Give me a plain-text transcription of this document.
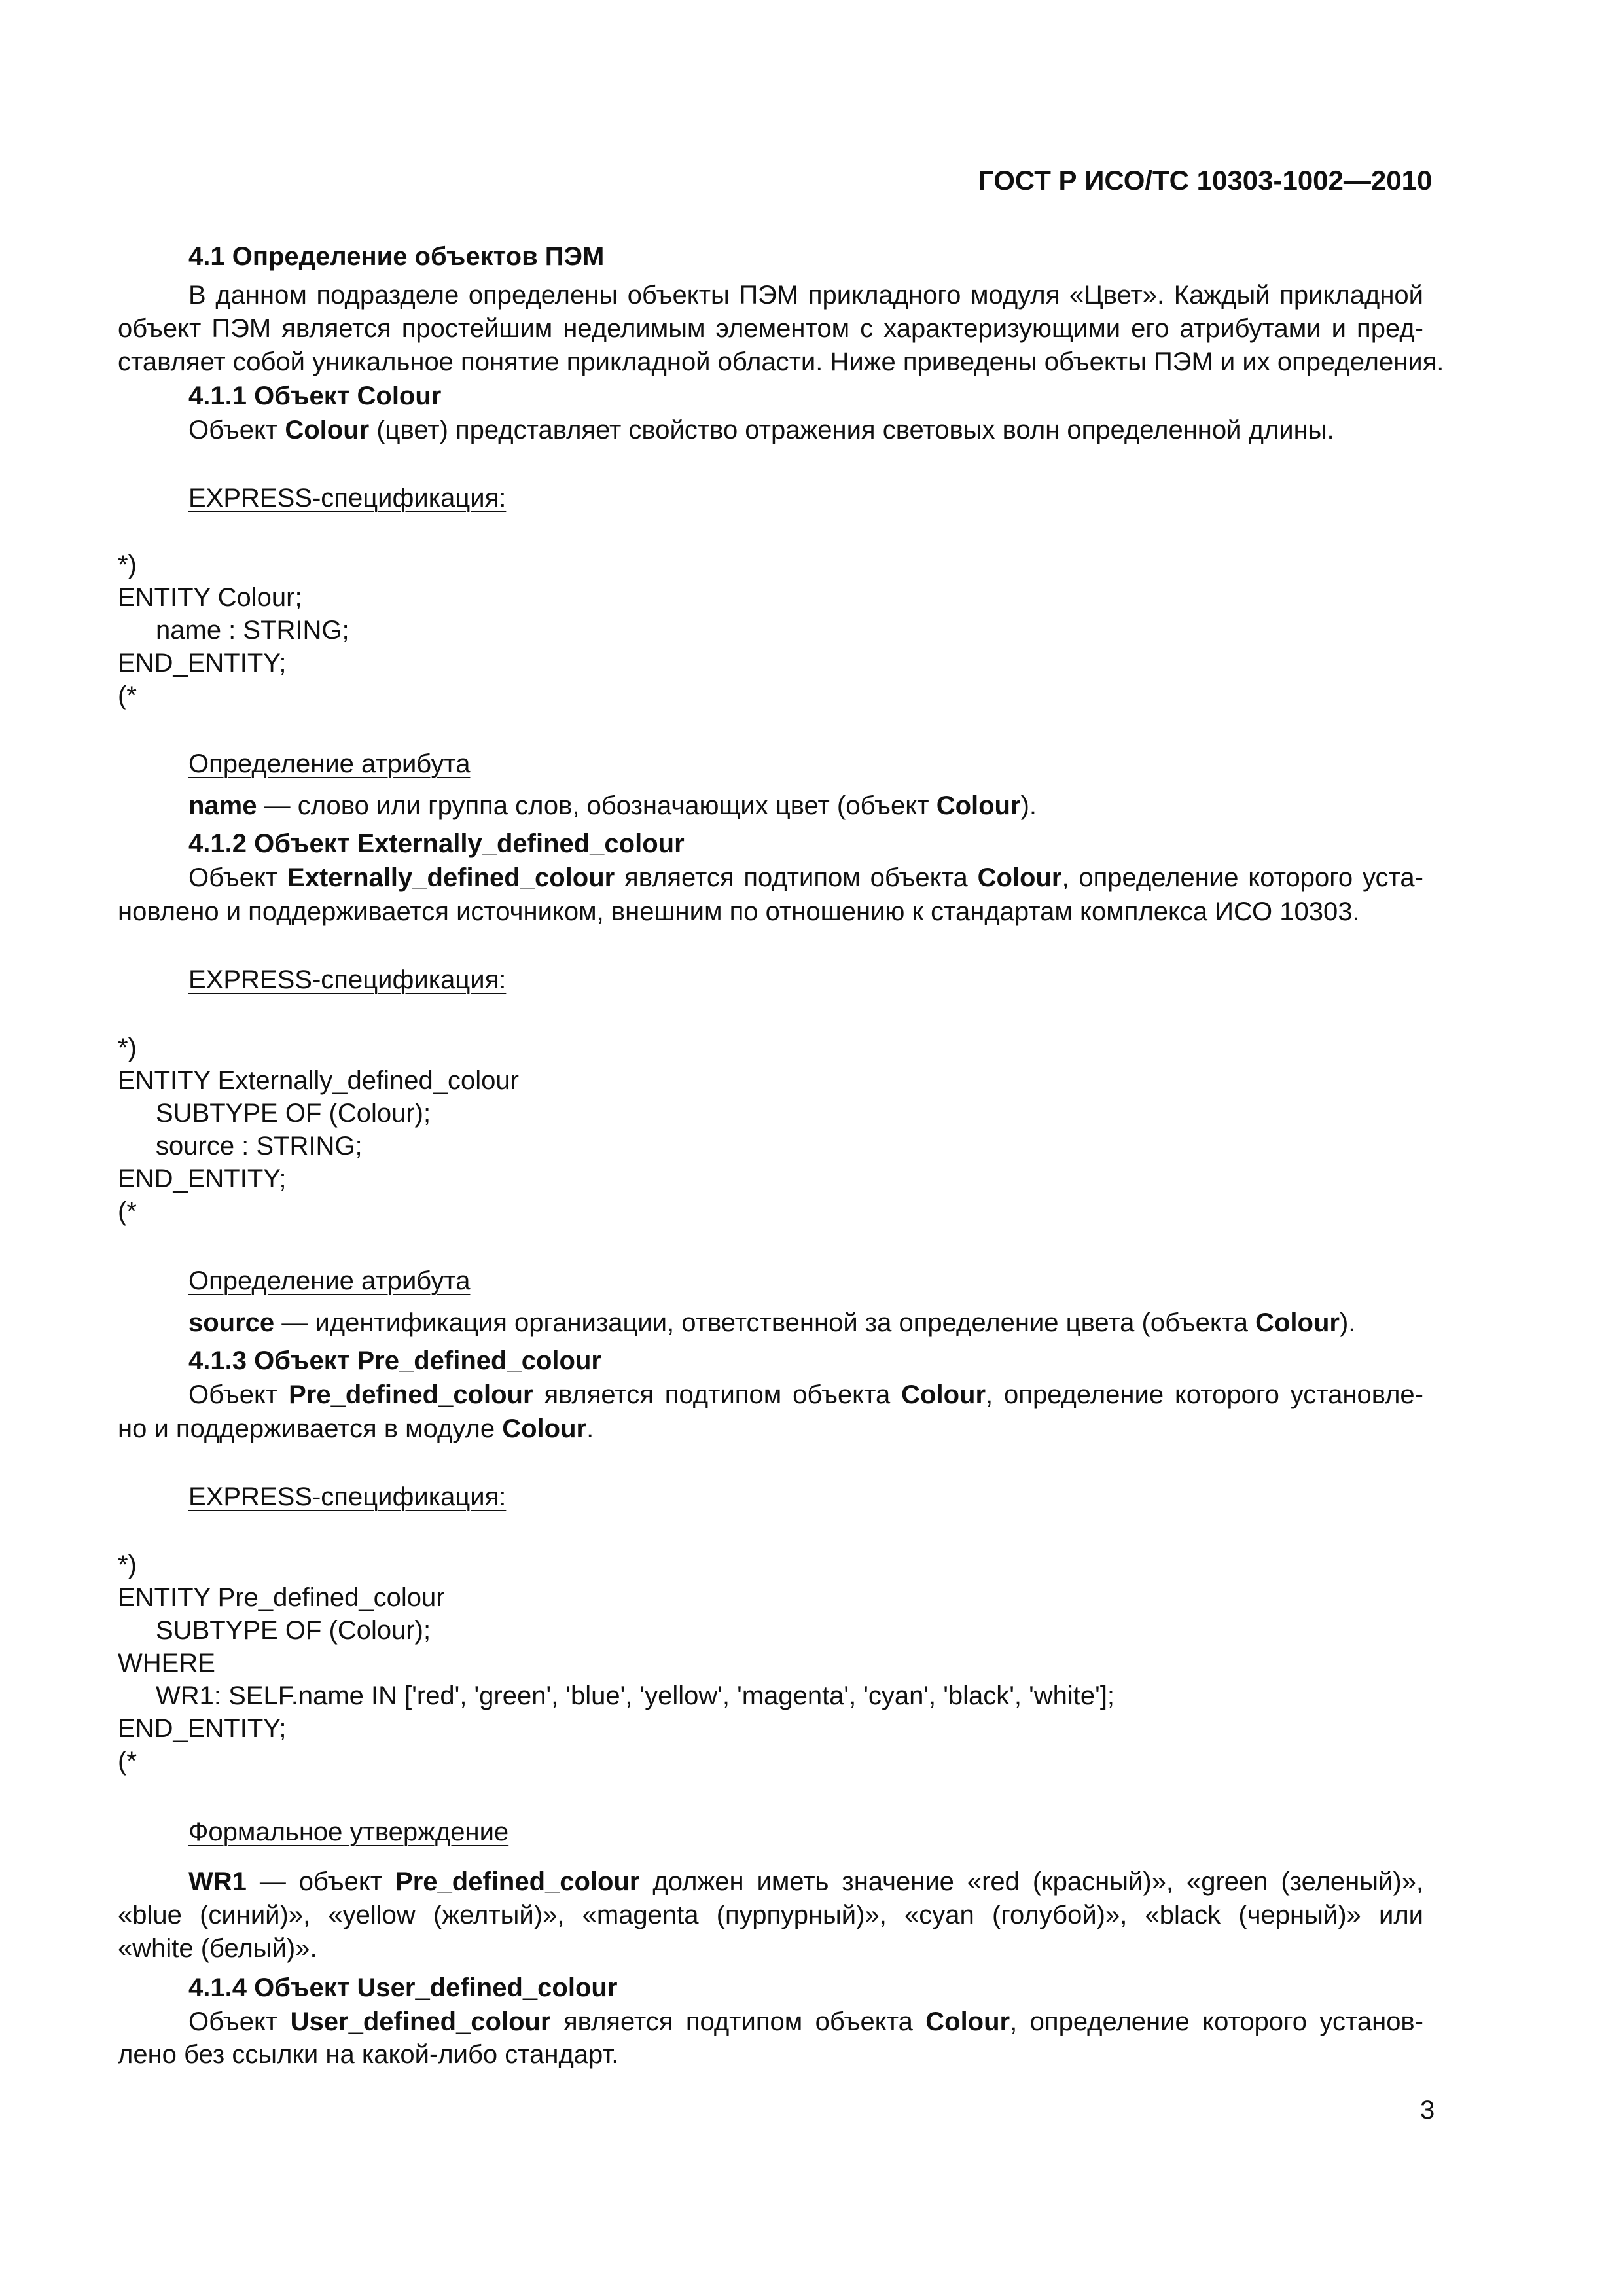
ГОСТ Р ИСО/ТС 10303-1002—2010
4.1 Определение объектов ПЭМ
В данном подразделе определены объекты ПЭМ прикладного модуля «Цвет». Каждый прикладной
объект ПЭМ является простейшим неделимым элементом с характеризующими его атрибутами и пред-
ставляет собой уникальное понятие прикладной области. Ниже приведены объекты ПЭМ и их определения.
4.1.1 Объект Colour
Объект Colour (цвет) представляет свойство отражения световых волн определенной длины.
EXPRESS-спецификация:
*)
ENTITY Colour;
name : STRING;
END_ENTITY;
(*
Определение атрибута
name — слово или группа слов, обозначающих цвет (объект Colour).
4.1.2 Объект Externally_defined_colour
Объект Externally_defined_colour является подтипом объекта Colour, определение которого уста-
новлено и поддерживается источником, внешним по отношению к стандартам комплекса ИСО 10303.
EXPRESS-спецификация:
*)
ENTITY Externally_defined_colour
SUBTYPE OF (Colour);
source : STRING;
END_ENTITY;
(*
Определение атрибута
source — идентификация организации, ответственной за определение цвета (объекта Colour).
4.1.3 Объект Pre_defined_colour
Объект Pre_defined_colour является подтипом объекта Colour, определение которого установле-
но и поддерживается в модуле Colour.
EXPRESS-спецификация:
*)
ENTITY Pre_defined_colour
SUBTYPE OF (Colour);
WHERE
WR1: SELF.name IN ['red', 'green', 'blue', 'yellow', 'magenta', 'cyan', 'black', 'white'];
END_ENTITY;
(*
Формальное утверждение
WR1 — объект Pre_defined_colour должен иметь значение «red (красный)», «green (зеленый)»,
«blue (синий)», «yellow (желтый)», «magenta (пурпурный)», «cyan (голубой)», «black (черный)» или
«white (белый)».
4.1.4 Объект User_defined_colour
Объект User_defined_colour является подтипом объекта Colour, определение которого установ-
лено без ссылки на какой-либо стандарт.
3
